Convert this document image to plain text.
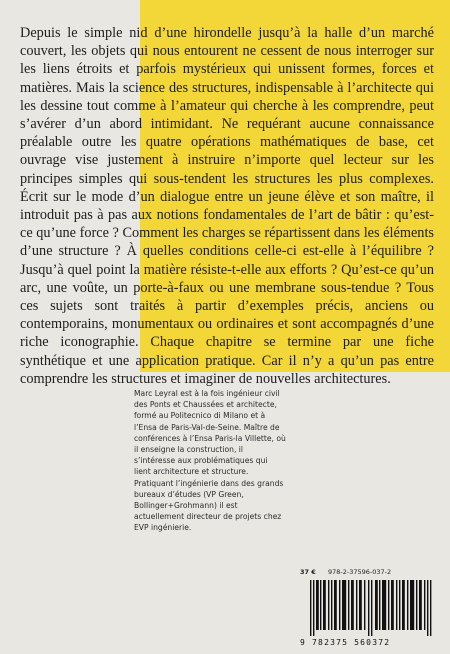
Depuis le simple nid d’une hirondelle jusqu’à la halle d’un marché couvert, les objets qui nous entourent ne cessent de nous interroger sur les liens étroits et parfois mystérieux qui unissent formes, forces et matières. Mais la science des structures, indispensable à l’architecte qui les dessine tout comme à l’amateur qui cherche à les comprendre, peut s’avérer d’un abord intimidant. Ne requérant aucune connaissance préalable outre les quatre opérations mathématiques de base, cet ouvrage vise justement à instruire n’importe quel lecteur sur les principes simples qui sous-tendent les structures les plus complexes. Écrit sur le mode d’un dialogue entre un jeune élève et son maître, il introduit pas à pas aux notions fondamentales de l’art de bâtir : qu’est-ce qu’une force ? Comment les charges se répartissent dans les éléments d’une structure ? À quelles conditions celle-ci est-elle à l’équilibre ? Jusqu’à quel point la matière résiste-t-elle aux efforts ? Qu’est-ce qu’un arc, une voûte, un porte-à-faux ou une membrane sous-tendue ? Tous ces sujets sont traités à partir d’exemples précis, anciens ou contemporains, monumentaux ou ordinaires et sont accompagnés d’une riche iconographie. Chaque chapitre se termine par une fiche synthétique et une application pratique. Car il n’y a qu’un pas entre comprendre les structures et imaginer de nouvelles architectures.

Marc Leyral est à la fois ingénieur civil des Ponts et Chaussées et architecte, formé au Politecnico di Milano et à l’Ensa de Paris-Val-de-Seine. Maître de conférences à l’Ensa Paris-la Villette, où il enseigne la construction, il s’intéresse aux problématiques qui lient architecture et structure. Pratiquant l’ingénierie dans des grands bureaux d’études (VP Green, Bollinger+Grohmann) il est actuellement directeur de projets chez EVP ingénierie.

37 € 978-2-37596-037-2
9 782375 560372
